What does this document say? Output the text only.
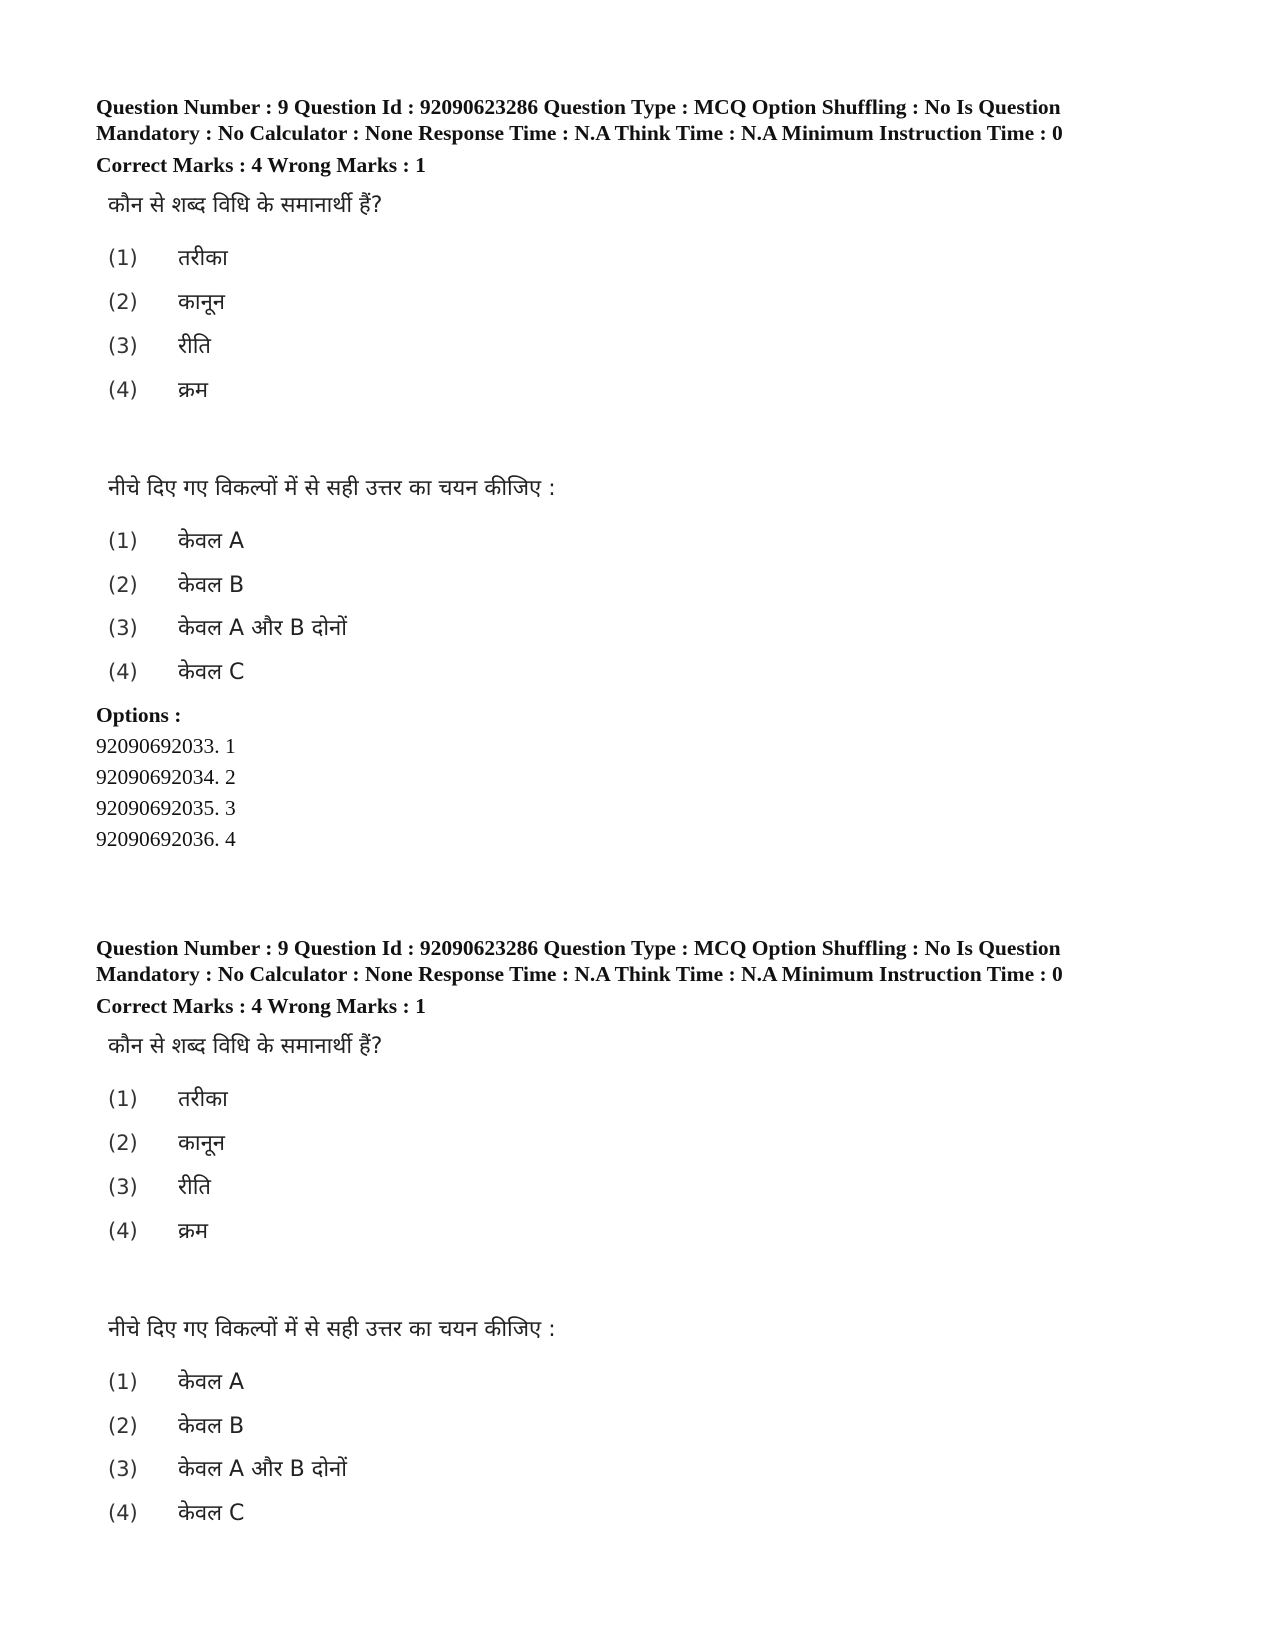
Question Number : 9 Question Id : 92090623286 Question Type : MCQ Option Shuffling : No Is Question

Mandatory : No Calculator : None Response Time : N.A Think Time : N.A Minimum Instruction Time : 0

Correct Marks : 4 Wrong Marks : 1
कौन से शब्द विधि के समानार्थी हैं?
(1) तरीका
(2) कानून
(3) रीति
(4) क्रम
नीचे दिए गए विकल्पों में से सही उत्तर का चयन कीजिए :
(1) केवल A
(2) केवल B
(3) केवल A और B दोनों
(4) केवल C
Options :
92090692033. 1
92090692034. 2
92090692035. 3
92090692036. 4

Question Number : 9 Question Id : 92090623286 Question Type : MCQ Option Shuffling : No Is Question

Mandatory : No Calculator : None Response Time : N.A Think Time : N.A Minimum Instruction Time : 0

Correct Marks : 4 Wrong Marks : 1
कौन से शब्द विधि के समानार्थी हैं?
(1) तरीका
(2) कानून
(3) रीति
(4) क्रम
नीचे दिए गए विकल्पों में से सही उत्तर का चयन कीजिए :
(1) केवल A
(2) केवल B
(3) केवल A और B दोनों
(4) केवल C
